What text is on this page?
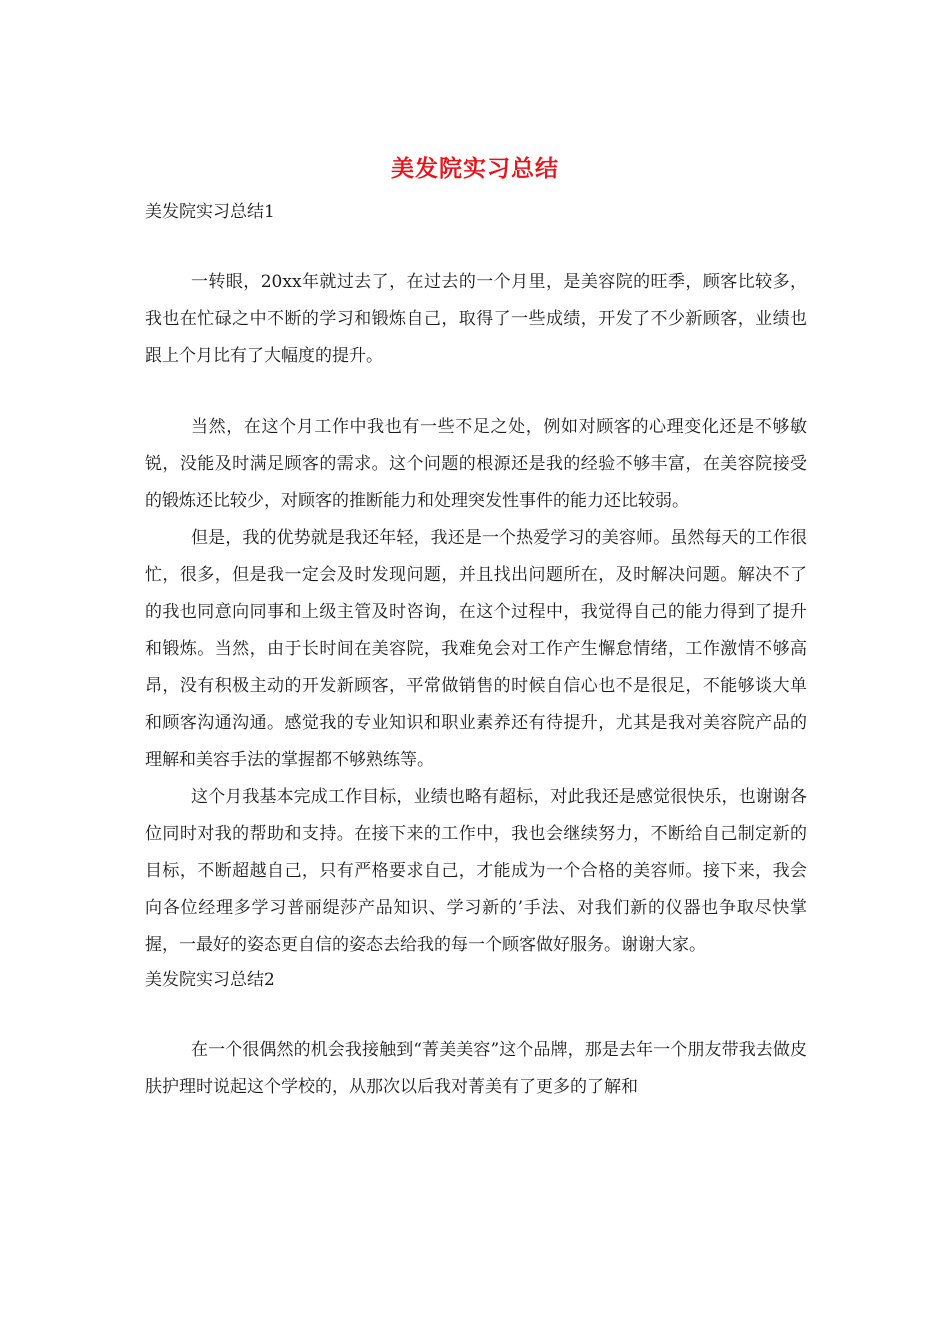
美发院实习总结

美发院实习总结1

一转眼，20xx年就过去了，在过去的一个月里，是美容院的旺季，顾客比较多，我也在忙碌之中不断的学习和锻炼自己，取得了一些成绩，开发了不少新顾客，业绩也跟上个月比有了大幅度的提升。

当然，在这个月工作中我也有一些不足之处，例如对顾客的心理变化还是不够敏锐，没能及时满足顾客的需求。这个问题的根源还是我的经验不够丰富，在美容院接受的锻炼还比较少，对顾客的推断能力和处理突发性事件的能力还比较弱。

但是，我的优势就是我还年轻，我还是一个热爱学习的美容师。虽然每天的工作很忙，很多，但是我一定会及时发现问题，并且找出问题所在，及时解决问题。解决不了的我也同意向同事和上级主管及时咨询，在这个过程中，我觉得自己的能力得到了提升和锻炼。当然，由于长时间在美容院，我难免会对工作产生懈怠情绪，工作激情不够高昂，没有积极主动的开发新顾客，平常做销售的时候自信心也不是很足，不能够谈大单和顾客沟通沟通。感觉我的专业知识和职业素养还有待提升，尤其是我对美容院产品的理解和美容手法的掌握都不够熟练等。

这个月我基本完成工作目标，业绩也略有超标，对此我还是感觉很快乐，也谢谢各位同时对我的帮助和支持。在接下来的工作中，我也会继续努力，不断给自己制定新的目标，不断超越自己，只有严格要求自己，才能成为一个合格的美容师。接下来，我会向各位经理多学习普丽缇莎产品知识、学习新的’手法、对我们新的仪器也争取尽快掌握，一最好的姿态更自信的姿态去给我的每一个顾客做好服务。谢谢大家。

美发院实习总结2

在一个很偶然的机会我接触到“菁美美容”这个品牌，那是去年一个朋友带我去做皮肤护理时说起这个学校的，从那次以后我对菁美有了更多的了解和
